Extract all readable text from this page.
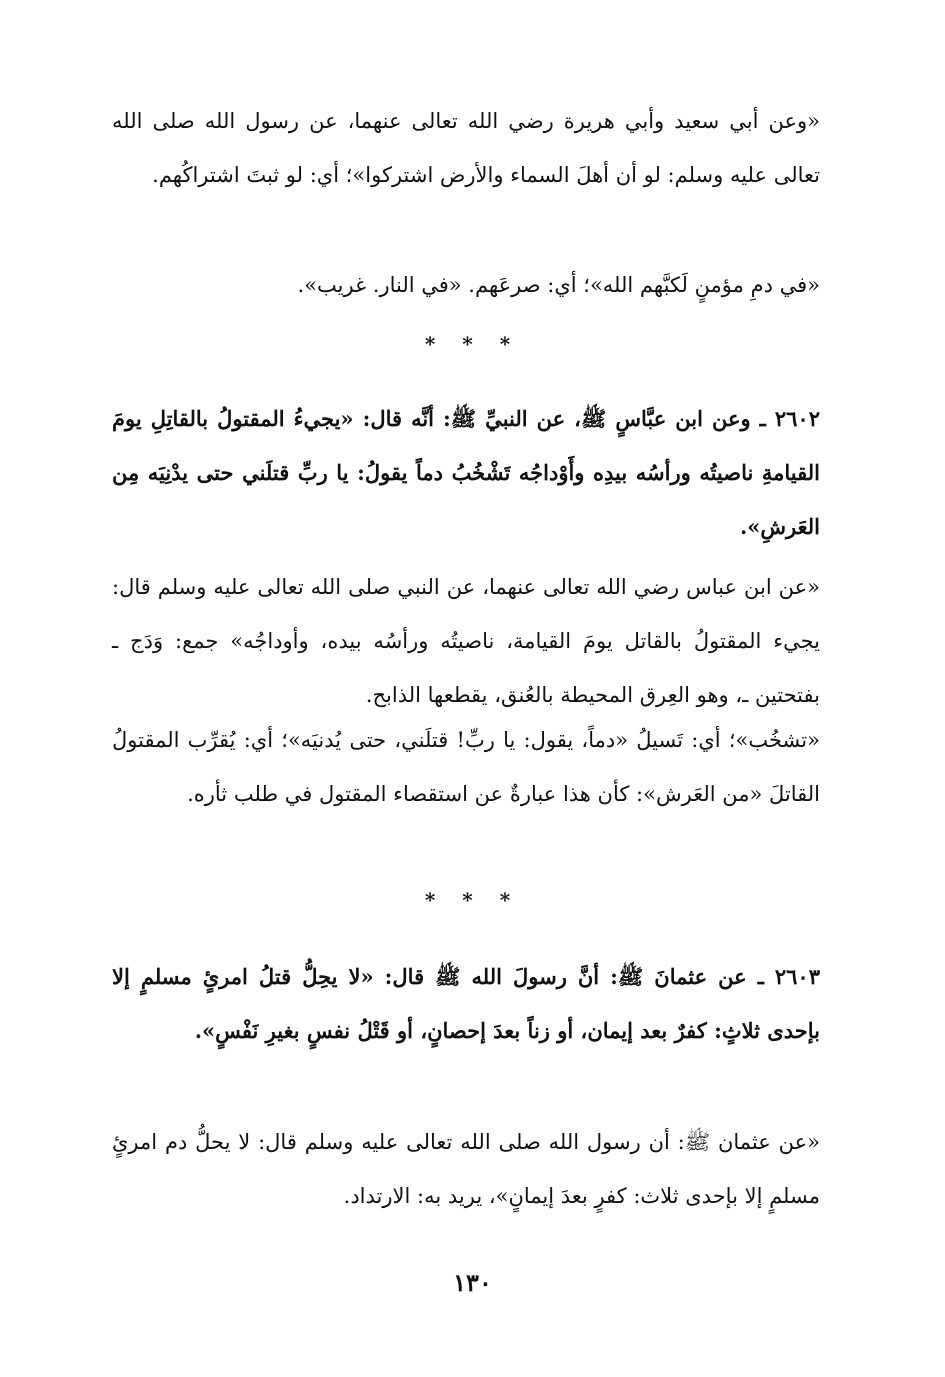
«وعن أبي سعيد وأبي هريرة رضي الله تعالى عنهما، عن رسول الله صلى الله تعالى عليه وسلم: لو أن أهلَ السماء والأرض اشتركوا»؛ أي: لو ثبتَ اشتراكُهم.

«في دمِ مؤمنٍ لَكبَّهم الله»؛ أي: صرعَهم. «في النار. غريب».

* * *

٢٦٠٢ ـ وعن ابن عبَّاسٍ ﷺ، عن النبيِّ ﷺ: أنَّه قال: «يجيءُ المقتولُ بالقاتِلِ يومَ القيامةِ ناصيتُه ورأسُه بيدِه وأَوْداجُه تَشْخُبُ دماً يقولُ: يا ربِّ قتلَني حتى يدْنِيَه مِن العَرشِ».

«عن ابن عباس رضي الله تعالى عنهما، عن النبي صلى الله تعالى عليه وسلم قال: يجيء المقتولُ بالقاتل يومَ القيامة، ناصيتُه ورأسُه بيده، وأوداجُه» جمع: وَدَج ـ بفتحتين ـ، وهو العِرق المحيطة بالعُنق، يقطعها الذابح.

«تشخُب»؛ أي: تَسيلُ «دماً، يقول: يا ربِّ! قتلَني، حتى يُدنيَه»؛ أي: يُقرِّب المقتولُ القاتلَ «من العَرش»: كأن هذا عبارةٌ عن استقصاء المقتول في طلب ثأره.

* * *

٢٦٠٣ ـ عن عثمانَ ﷺ: أنَّ رسولَ الله ﷺ قال: «لا يحِلُّ قتلُ امرئٍ مسلمٍ إلا بإحدى ثلاثٍ: كفرٌ بعد إيمان، أو زناً بعدَ إحصانٍ، أو قَتْلُ نفسٍ بغيرِ نَفْسٍ».

«عن عثمان ﷺ: أن رسول الله صلى الله تعالى عليه وسلم قال: لا يحلُّ دم امرئٍ مسلمٍ إلا بإحدى ثلاث: كفرٍ بعدَ إيمانٍ»، يريد به: الارتداد.

١٣٠
